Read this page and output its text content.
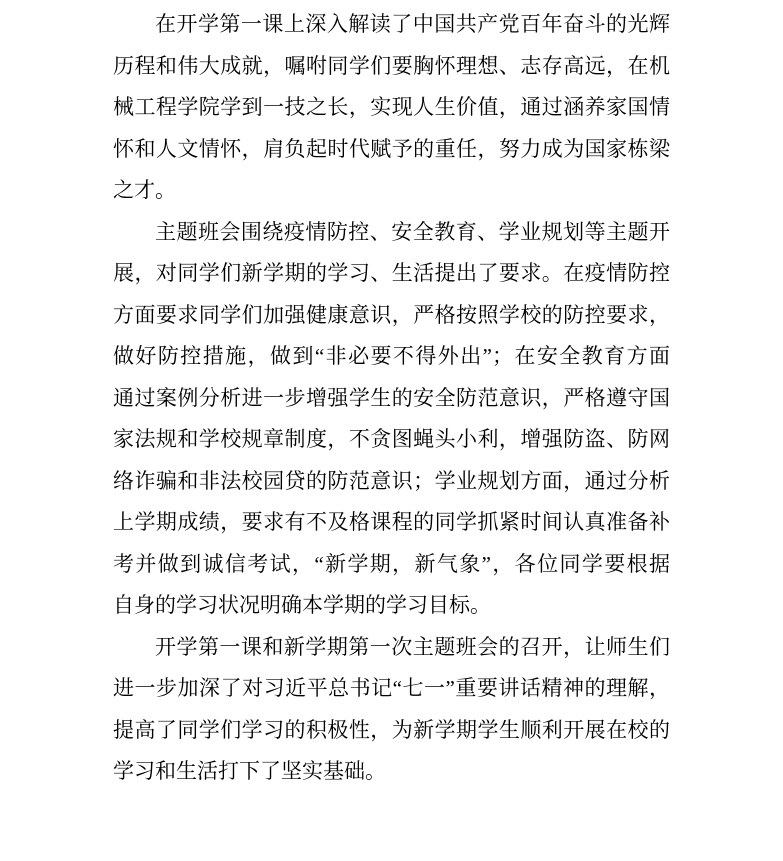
在开学第一课上深入解读了中国共产党百年奋斗的光辉
历程和伟大成就，嘱咐同学们要胸怀理想、志存高远，在机
械工程学院学到一技之长，实现人生价值，通过涵养家国情
怀和人文情怀，肩负起时代赋予的重任，努力成为国家栋梁
之才。
主题班会围绕疫情防控、安全教育、学业规划等主题开
展，对同学们新学期的学习、生活提出了要求。在疫情防控
方面要求同学们加强健康意识，严格按照学校的防控要求，
做好防控措施，做到“非必要不得外出”；在安全教育方面
通过案例分析进一步增强学生的安全防范意识，严格遵守国
家法规和学校规章制度，不贪图蝇头小利，增强防盗、防网
络诈骗和非法校园贷的防范意识；学业规划方面，通过分析
上学期成绩，要求有不及格课程的同学抓紧时间认真准备补
考并做到诚信考试，“新学期，新气象”，各位同学要根据
自身的学习状况明确本学期的学习目标。
开学第一课和新学期第一次主题班会的召开，让师生们
进一步加深了对习近平总书记“七一”重要讲话精神的理解，
提高了同学们学习的积极性，为新学期学生顺利开展在校的
学习和生活打下了坚实基础。
